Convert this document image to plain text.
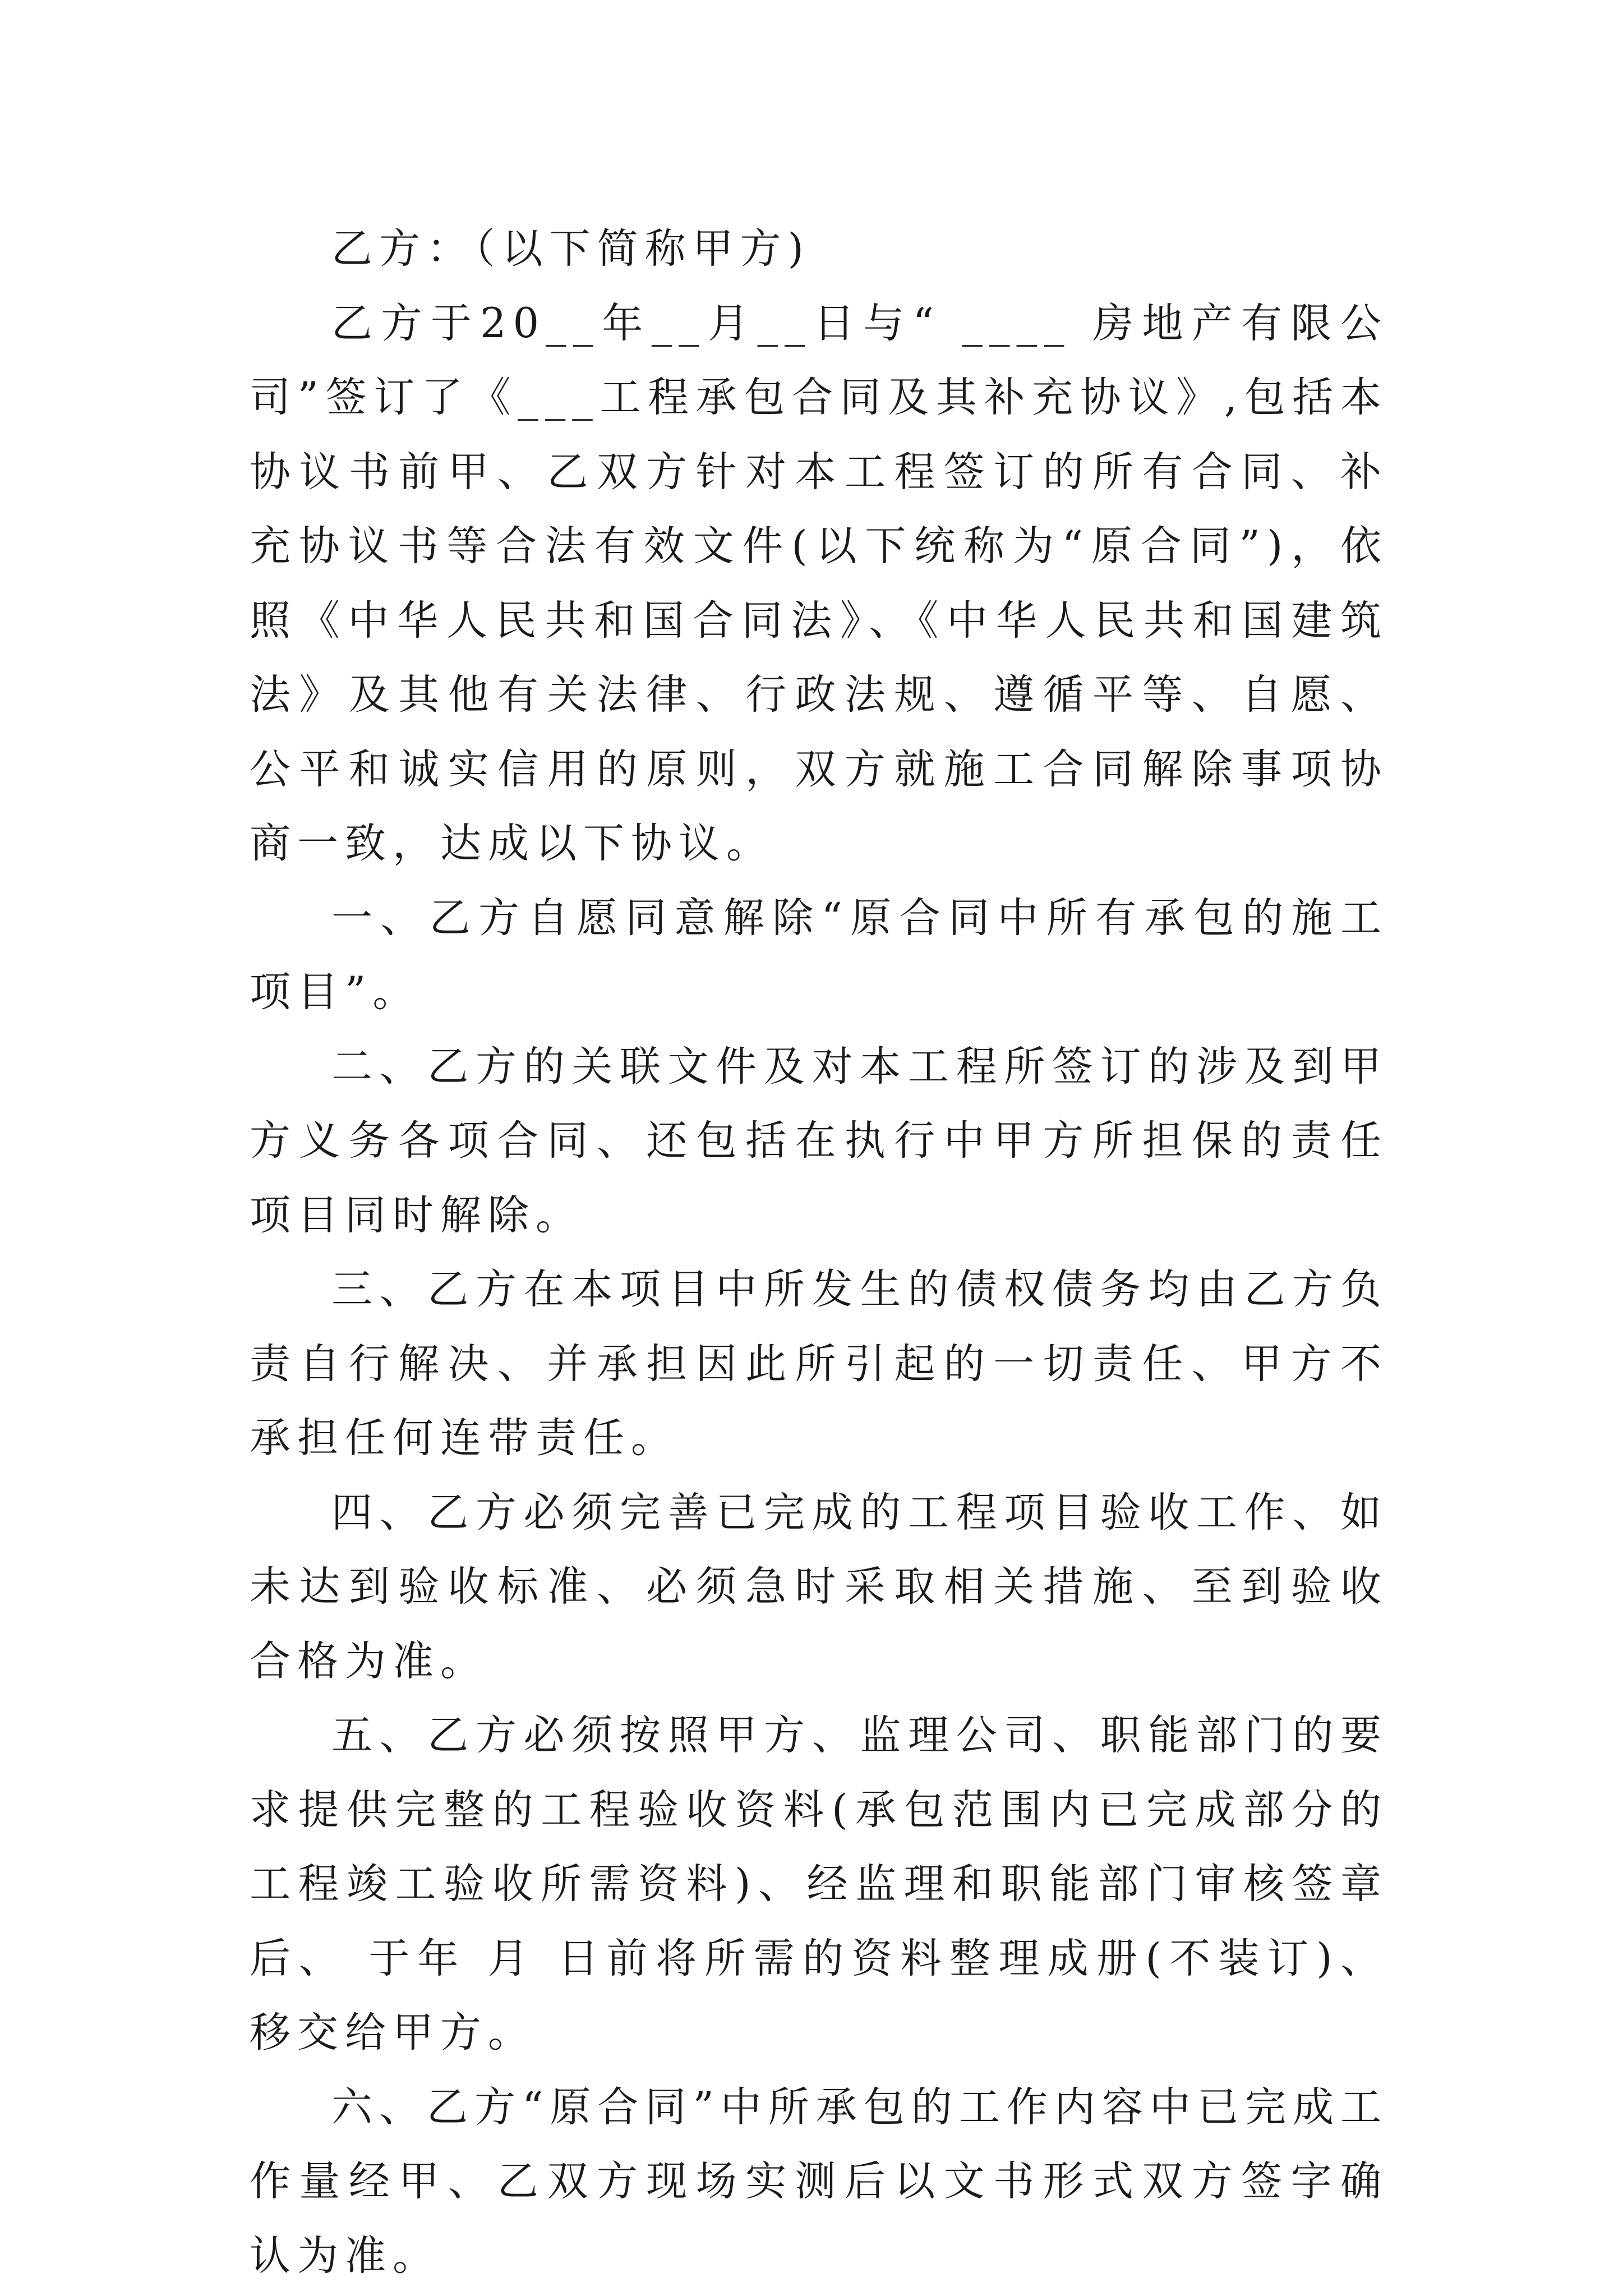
乙方：（以下简称甲方)

乙方于20__年__月__日与“ ____ 房地产有限公司”签订了《___工程承包合同及其补充协议》,包括本协议书前甲、乙双方针对本工程签订的所有合同、补充协议书等合法有效文件(以下统称为“原合同”)，依照《中华人民共和国合同法》、《中华人民共和国建筑法》及其他有关法律、行政法规、遵循平等、自愿、公平和诚实信用的原则，双方就施工合同解除事项协商一致，达成以下协议。

一、乙方自愿同意解除“原合同中所有承包的施工项目”。

二、乙方的关联文件及对本工程所签订的涉及到甲方义务各项合同、还包括在执行中甲方所担保的责任项目同时解除。

三、乙方在本项目中所发生的债权债务均由乙方负责自行解决、并承担因此所引起的一切责任、甲方不承担任何连带责任。

四、乙方必须完善已完成的工程项目验收工作、如未达到验收标准、必须急时采取相关措施、至到验收合格为准。

五、乙方必须按照甲方、监理公司、职能部门的要求提供完整的工程验收资料(承包范围内已完成部分的工程竣工验收所需资料)、经监理和职能部门审核签章后、 于年 月 日前将所需的资料整理成册(不装订)、移交给甲方。

六、乙方“原合同”中所承包的工作内容中已完成工作量经甲、乙双方现场实测后以文书形式双方签字确认为准。
